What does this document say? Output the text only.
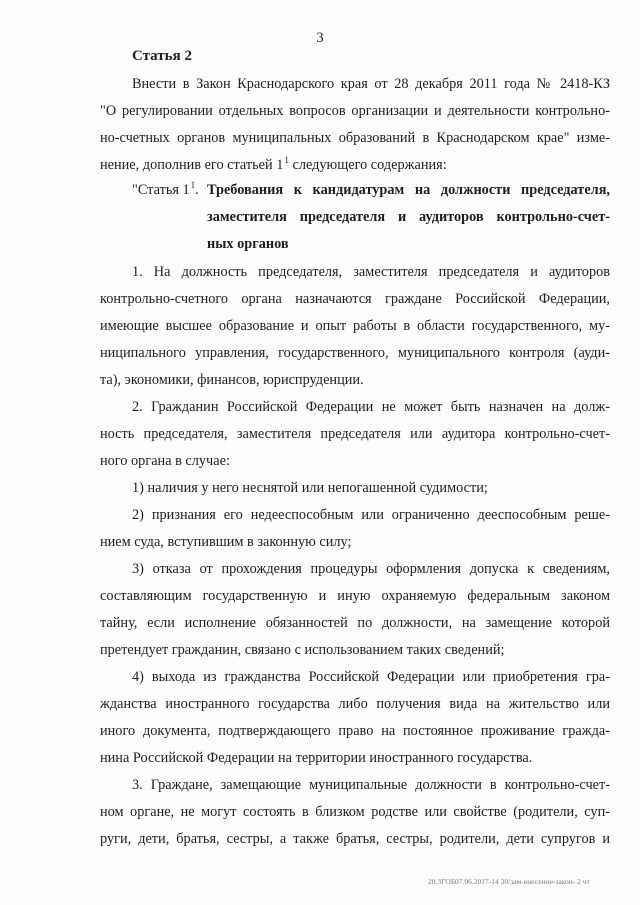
3
Статья 2
Внести в Закон Краснодарского края от 28 декабря 2011 года № 2418-КЗ
"О регулировании отдельных вопросов организации и деятельности контрольно-
но-счетных органов муниципальных образований в Краснодарском крае" изме-
нение, дополнив его статьей $1^1$ следующего содержания:
"Статья $1^1$. Требования к кандидатурам на должности председателя,
заместителя председателя и аудиторов контрольно-счет-
ных органов
1. На должность председателя, заместителя председателя и аудиторов
контрольно-счетного органа назначаются граждане Российской Федерации,
имеющие высшее образование и опыт работы в области государственного, му-
ниципального управления, государственного, муниципального контроля (ауди-
та), экономики, финансов, юриспруденции.
2. Гражданин Российской Федерации не может быть назначен на долж-
ность председателя, заместителя председателя или аудитора контрольно-счет-
ного органа в случае:
1) наличия у него неснятой или непогашенной судимости;
2) признания его недееспособным или ограниченно дееспособным реше-
нием суда, вступившим в законную силу;
3) отказа от прохождения процедуры оформления допуска к сведениям,
составляющим государственную и иную охраняемую федеральным законом
тайну, если исполнение обязанностей по должности, на замещение которой
претендует гражданин, связано с использованием таких сведений;
4) выхода из гражданства Российской Федерации или приобретения гра-
жданства иностранного государства либо получения вида на жительство или
иного документа, подтверждающего право на постоянное проживание гражда-
нина Российской Федерации на территории иностранного государства.
3. Граждане, замещающие муниципальные должности в контрольно-счет-
ном органе, не могут состоять в близком родстве или свойстве (родители, суп-
руги, дети, братья, сестры, а также братья, сестры, родители, дети супругов и
20.3ГОБ07.06.2017-14 30/зам-внесение-закон- 2 чт
